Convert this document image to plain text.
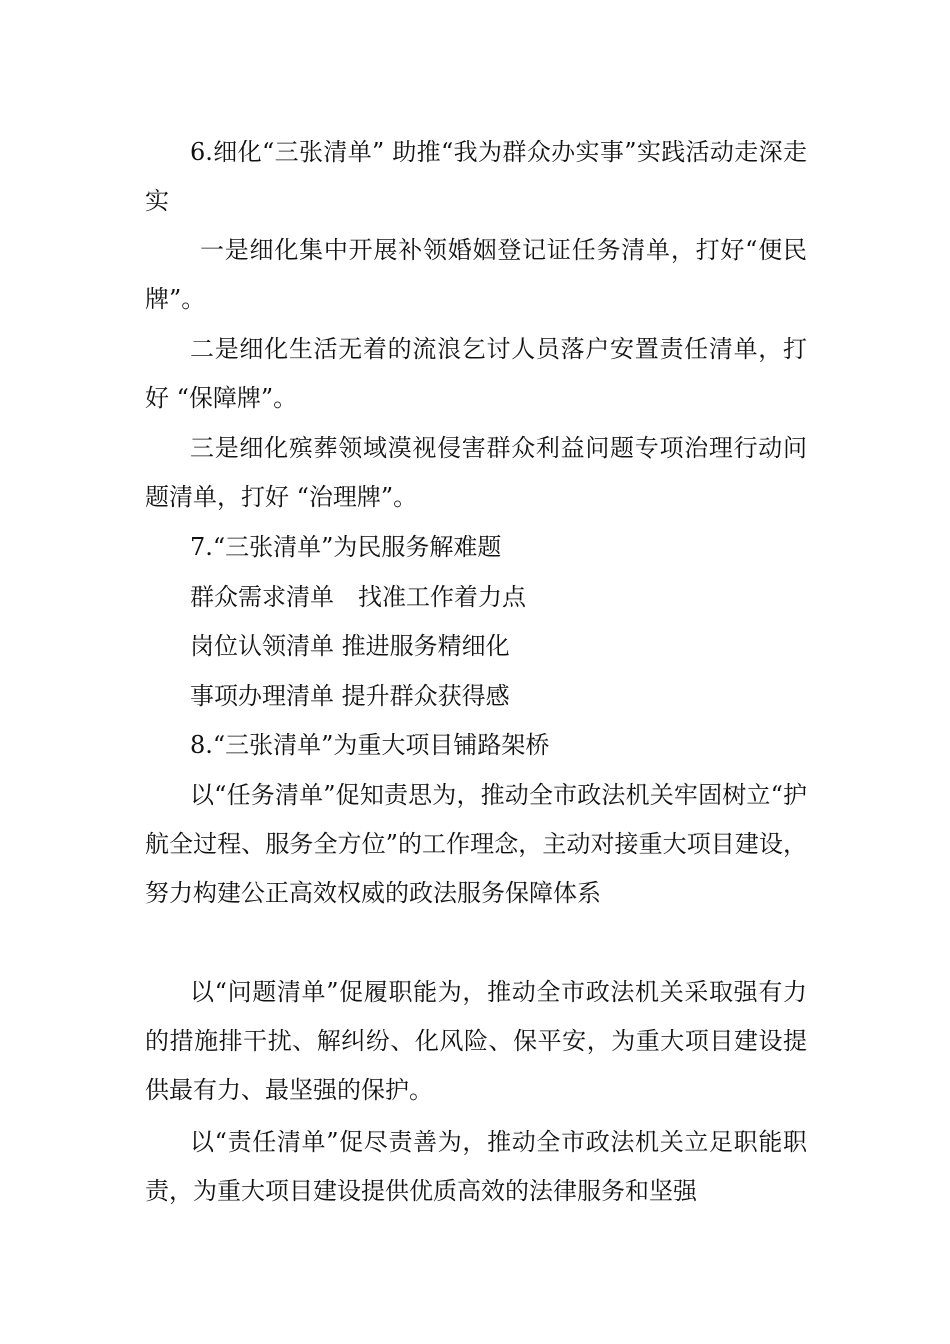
6.细化“三张清单” 助推“我为群众办实事”实践活动走深走实

一是细化集中开展补领婚姻登记证任务清单，打好“便民牌”。

二是细化生活无着的流浪乞讨人员落户安置责任清单，打好 “保障牌”。

三是细化殡葬领域漠视侵害群众利益问题专项治理行动问题清单，打好 “治理牌”。

7.“三张清单”为民服务解难题

群众需求清单　找准工作着力点

岗位认领清单 推进服务精细化

事项办理清单 提升群众获得感

8.“三张清单”为重大项目铺路架桥

以“任务清单”促知责思为，推动全市政法机关牢固树立“护航全过程、服务全方位”的工作理念，主动对接重大项目建设，努力构建公正高效权威的政法服务保障体系

以“问题清单”促履职能为，推动全市政法机关采取强有力的措施排干扰、解纠纷、化风险、保平安，为重大项目建设提供最有力、最坚强的保护。

以“责任清单”促尽责善为，推动全市政法机关立足职能职责，为重大项目建设提供优质高效的法律服务和坚强
